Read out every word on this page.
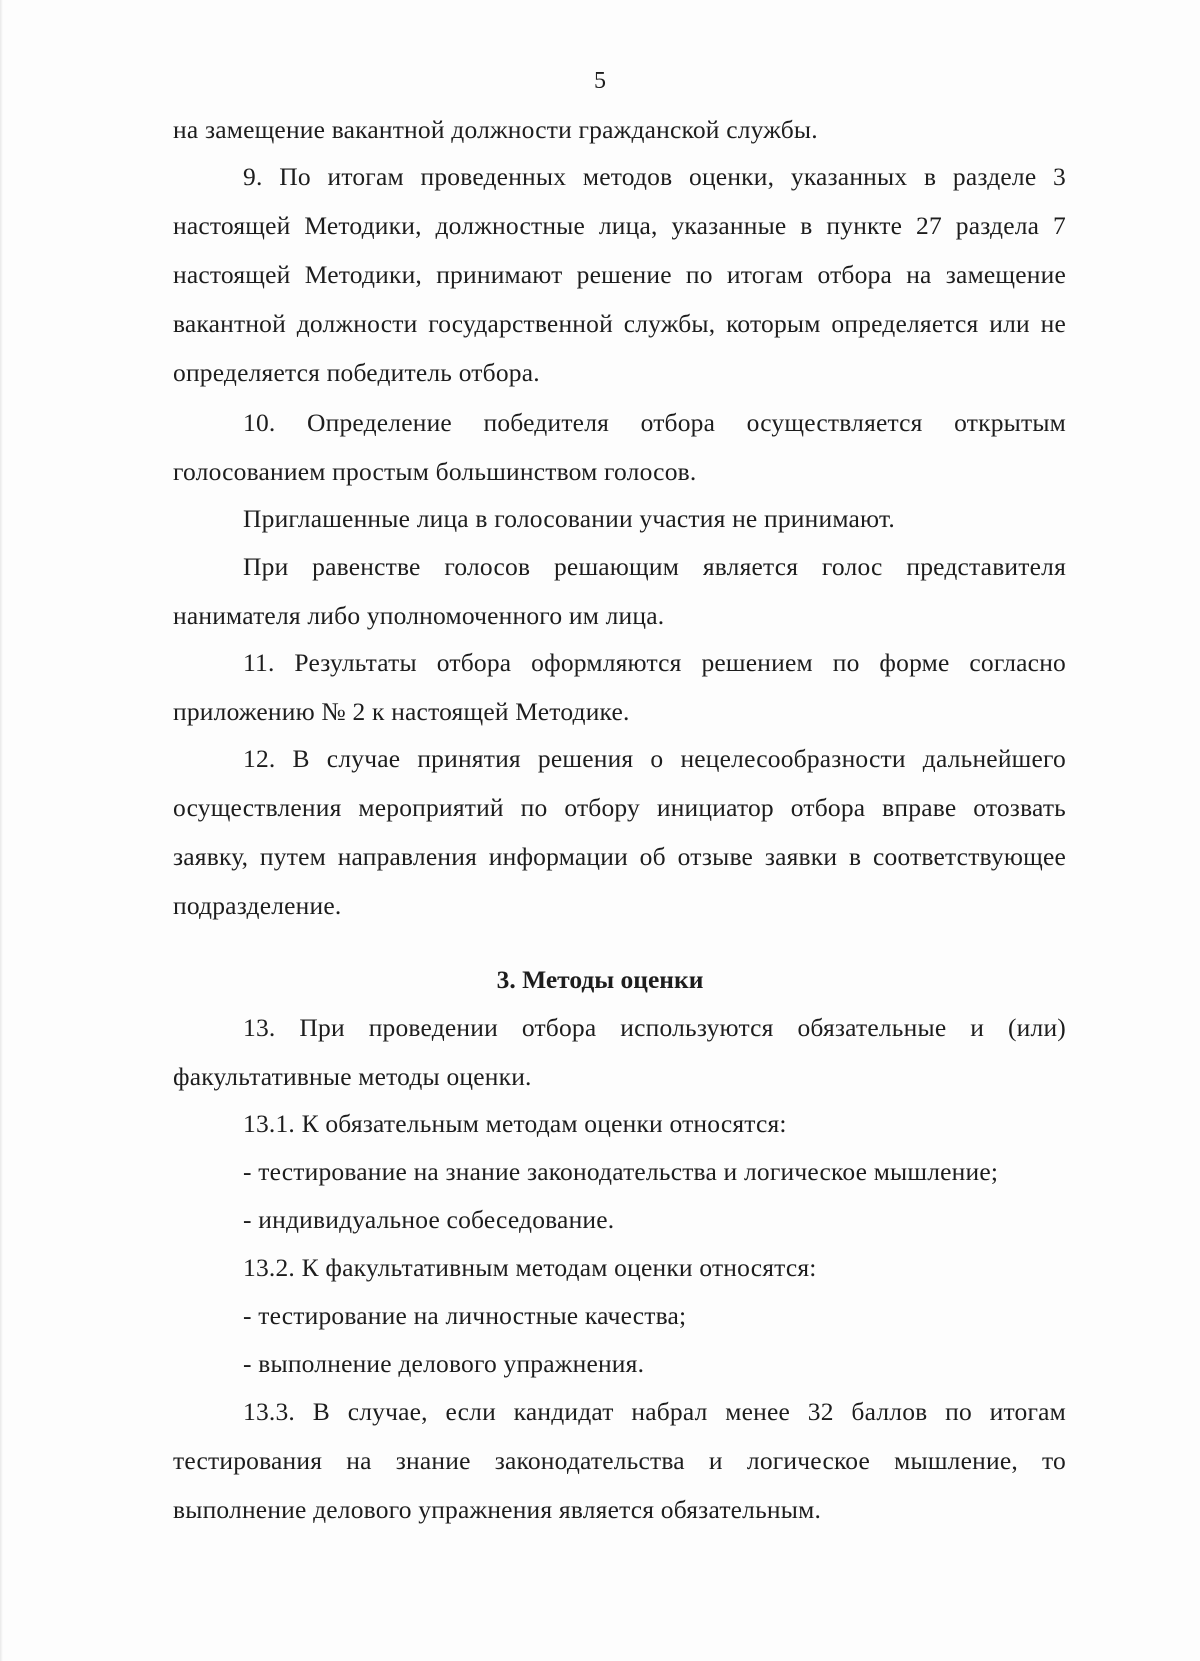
5

на замещение вакантной должности гражданской службы.

9. По итогам проведенных методов оценки, указанных в разделе 3 настоящей Методики, должностные лица, указанные в пункте 27 раздела 7 настоящей Методики, принимают решение по итогам отбора на замещение вакантной должности государственной службы, которым определяется или не определяется победитель отбора.

10. Определение победителя отбора осуществляется открытым голосованием простым большинством голосов.

Приглашенные лица в голосовании участия не принимают.

При равенстве голосов решающим является голос представителя нанимателя либо уполномоченного им лица.

11. Результаты отбора оформляются решением по форме согласно приложению № 2 к настоящей Методике.

12. В случае принятия решения о нецелесообразности дальнейшего осуществления мероприятий по отбору инициатор отбора вправе отозвать заявку, путем направления информации об отзыве заявки в соответствующее подразделение.

3. Методы оценки

13. При проведении отбора используются обязательные и (или) факультативные методы оценки.

13.1. К обязательным методам оценки относятся:

- тестирование на знание законодательства и логическое мышление;

- индивидуальное собеседование.

13.2. К факультативным методам оценки относятся:

- тестирование на личностные качества;

- выполнение делового упражнения.

13.3. В случае, если кандидат набрал менее 32 баллов по итогам тестирования на знание законодательства и логическое мышление, то выполнение делового упражнения является обязательным.
